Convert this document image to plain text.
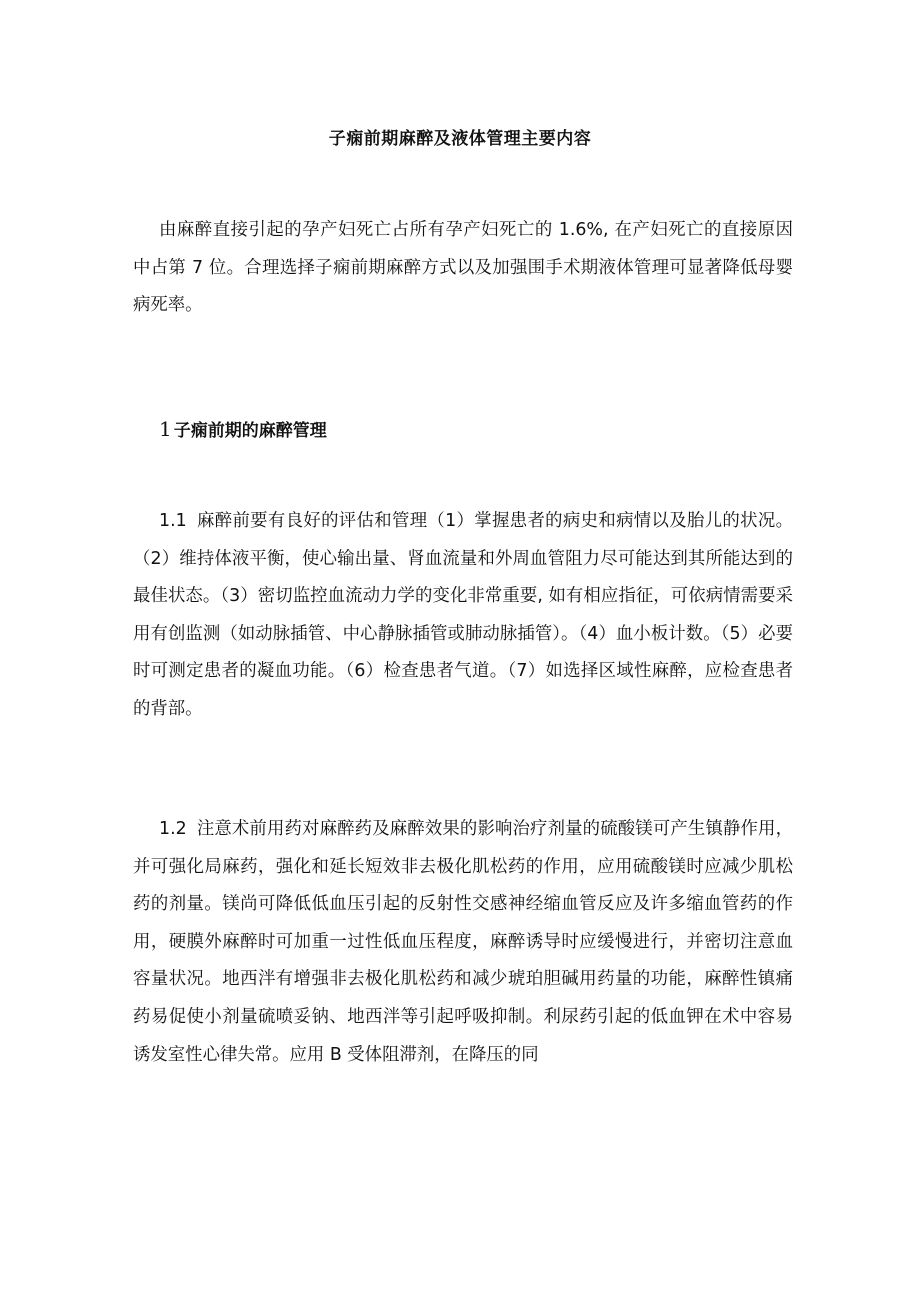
子痫前期麻醉及液体管理主要内容
由麻醉直接引起的孕产妇死亡占所有孕产妇死亡的 1.6%, 在产妇死亡的直接原因中占第 7 位。合理选择子痫前期麻醉方式以及加强围手术期液体管理可显著降低母婴病死率。
1 子痫前期的麻醉管理
1.1 麻醉前要有良好的评估和管理（1）掌握患者的病史和病情以及胎儿的状况。（2）维持体液平衡，使心输出量、肾血流量和外周血管阻力尽可能达到其所能达到的最佳状态。（3）密切监控血流动力学的变化非常重要, 如有相应指征，可依病情需要采用有创监测（如动脉插管、中心静脉插管或肺动脉插管）。（4）血小板计数。（5）必要时可测定患者的凝血功能。（6）检查患者气道。（7）如选择区域性麻醉，应检查患者的背部。
1.2 注意术前用药对麻醉药及麻醉效果的影响治疗剂量的硫酸镁可产生镇静作用，并可强化局麻药，强化和延长短效非去极化肌松药的作用，应用硫酸镁时应减少肌松药的剂量。镁尚可降低低血压引起的反射性交感神经缩血管反应及许多缩血管药的作用，硬膜外麻醉时可加重一过性低血压程度，麻醉诱导时应缓慢进行，并密切注意血容量状况。地西泮有增强非去极化肌松药和减少琥珀胆碱用药量的功能，麻醉性镇痛药易促使小剂量硫喷妥钠、地西泮等引起呼吸抑制。利尿药引起的低血钾在术中容易诱发室性心律失常。应用 B 受体阻滞剂，在降压的同
